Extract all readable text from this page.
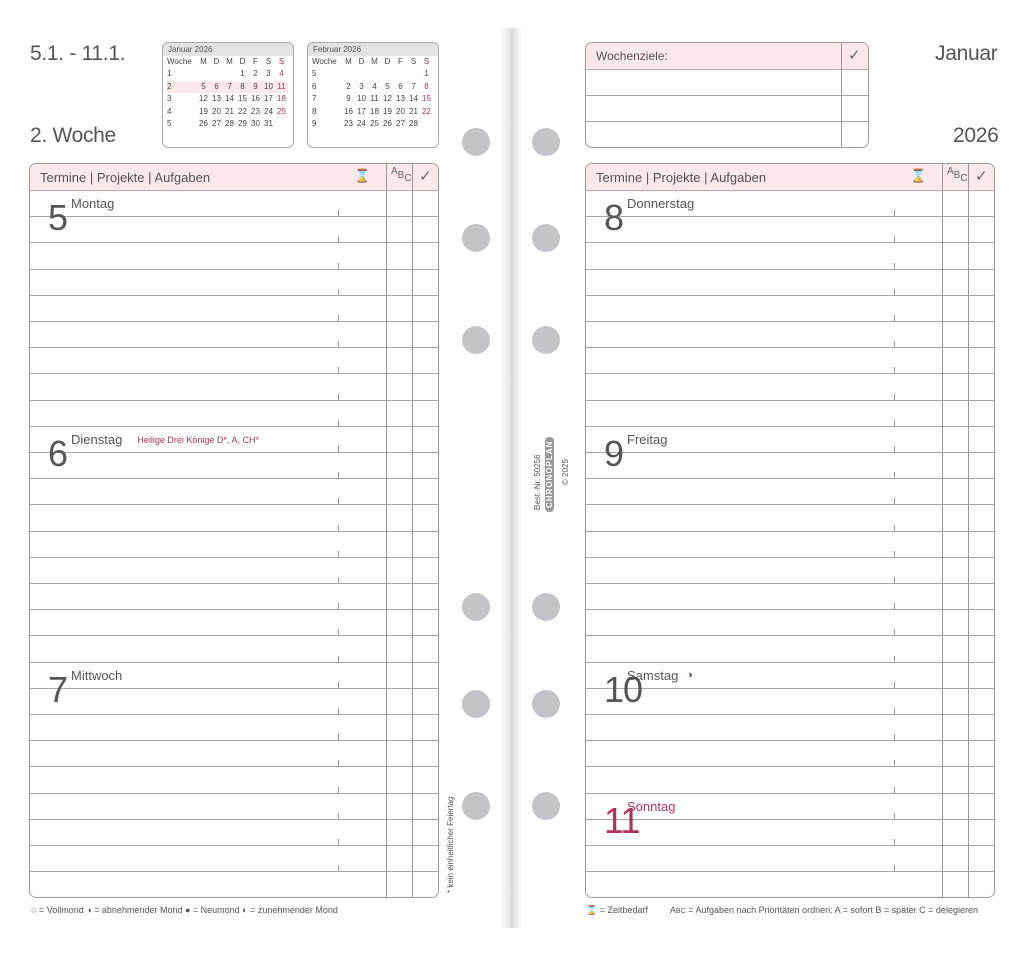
5.1. - 11.1.
2. Woche
Januar 2026
Woche	M	D	M	D	F	S	S
1				1	2	3	4
2	5	6	7	8	9	10	11
3	12	13	14	15	16	17	18
4	19	20	21	22	23	24	25
5	26	27	28	29	30	31	
Februar 2026
Woche	M	D	M	D	F	S	S
5							1
6	2	3	4	5	6	7	8
7	9	10	11	12	13	14	15
8	16	17	18	19	20	21	22
9	23	24	25	26	27	28	
Termine | Projekte | Aufgaben	⌛ ABC ✓
5 Montag
6 Dienstag Heilige Drei Könige D*, A, CH*
7 Mittwoch
○ = Vollmond ◑ = abnehmender Mond ● = Neumond ◐ = zunehmender Mond
* kein einheitlicher Feiertag
Januar
2026
Wochenziele:	✓
Termine | Projekte | Aufgaben	⌛ ABC ✓
8 Donnerstag
9 Freitag
10
Samstag ◑
11
Sonntag
⌛ = Zeitbedarf ABC = Aufgaben nach Prioritäten ordnen: A = sofort B = später C = delegieren
Best.-Nr. 50256 CHRONOPLAN © 2025
